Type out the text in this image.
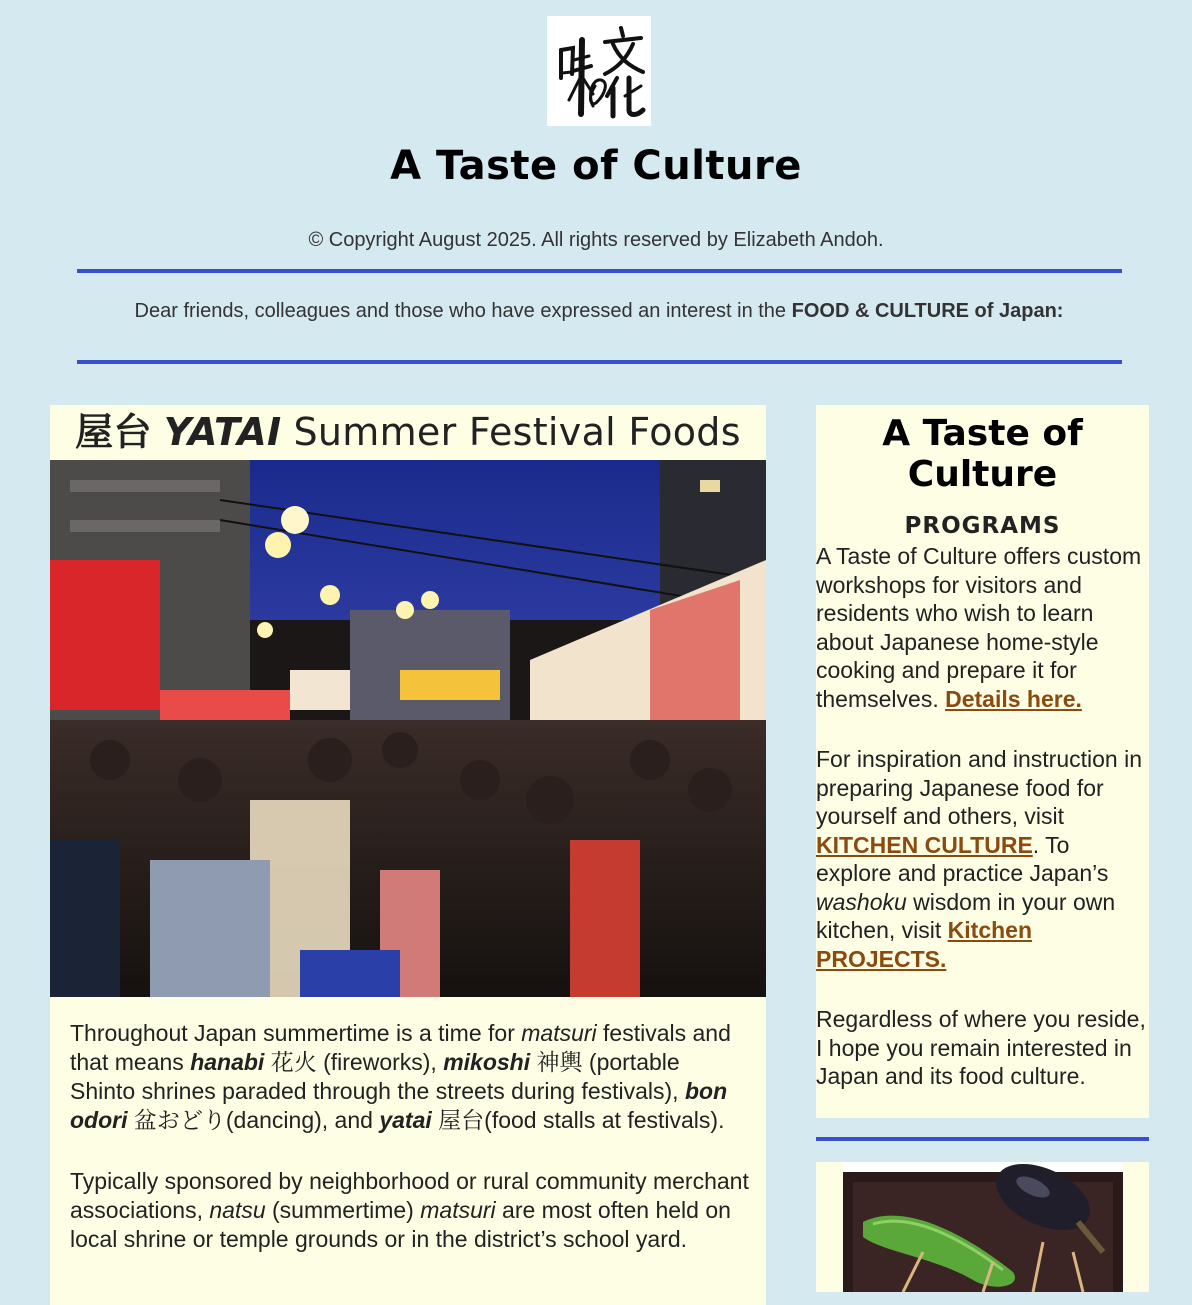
A Taste of Culture
© Copyright August 2025. All rights reserved by Elizabeth Andoh.
Dear friends, colleagues and those who have expressed an interest in the FOOD & CULTURE of Japan:
屋台 YATAI Summer Festival Foods

Throughout Japan summertime is a time for matsuri festivals and that means hanabi 花火 (fireworks), mikoshi 神輿 (portable Shinto shrines paraded through the streets during festivals), bon odori 盆おどり(dancing), and yatai 屋台(food stalls at festivals).

Typically sponsored by neighborhood or rural community merchant associations, natsu (summertime) matsuri are most often held on local shrine or temple grounds or in the district’s school yard.

A Taste of Culture
PROGRAMS

A Taste of Culture offers custom workshops for visitors and residents who wish to learn about Japanese home-style cooking and prepare it for themselves. Details here.

For inspiration and instruction in preparing Japanese food for yourself and others, visit KITCHEN CULTURE. To explore and practice Japan’s washoku wisdom in your own kitchen, visit Kitchen PROJECTS.

Regardless of where you reside, I hope you remain interested in Japan and its food culture.
